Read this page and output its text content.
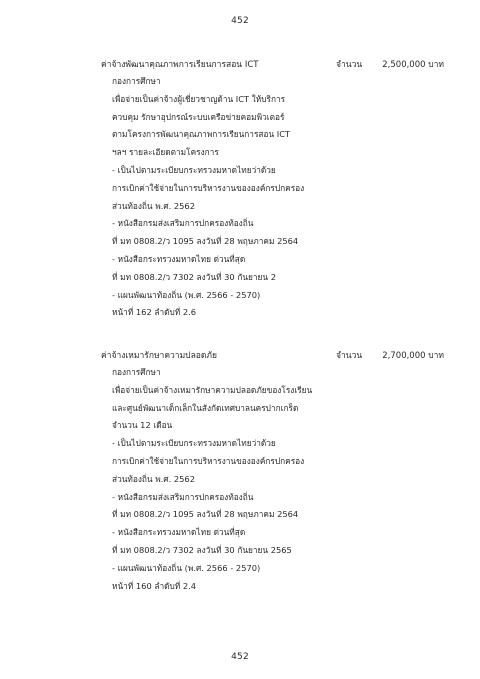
452
ค่าจ้างพัฒนาคุณภาพการเรียนการสอน ICT	จำนวน 2,500,000 บาท
กองการศึกษา
เพื่อจ่ายเป็นค่าจ้างผู้เชี่ยวชาญด้าน ICT ให้บริการ
ควบคุม รักษาอุปกรณ์ระบบเครือข่ายคอมพิวเตอร์
ตามโครงการพัฒนาคุณภาพการเรียนการสอน ICT
ฯลฯ รายละเอียดตามโครงการ
- เป็นไปตามระเบียบกระทรวงมหาดไทยว่าด้วย
การเบิกค่าใช้จ่ายในการบริหารงานขององค์กรปกครอง
ส่วนท้องถิ่น พ.ศ. 2562
- หนังสือกรมส่งเสริมการปกครองท้องถิ่น
ที่ มท 0808.2/ว 1095 ลงวันที่ 28 พฤษภาคม 2564
- หนังสือกระทรวงมหาดไทย ด่วนที่สุด
ที่ มท 0808.2/ว 7302 ลงวันที่ 30 กันยายน 2
- แผนพัฒนาท้องถิ่น (พ.ศ. 2566 - 2570)
หน้าที่ 162 ลำดับที่ 2.6
ค่าจ้างเหมารักษาความปลอดภัย	จำนวน 2,700,000 บาท
กองการศึกษา
เพื่อจ่ายเป็นค่าจ้างเหมารักษาความปลอดภัยของโรงเรียน
และศูนย์พัฒนาเด็กเล็กในสังกัดเทศบาลนครปากเกร็ด
จำนวน 12 เดือน
- เป็นไปตามระเบียบกระทรวงมหาดไทยว่าด้วย
การเบิกค่าใช้จ่ายในการบริหารงานขององค์กรปกครอง
ส่วนท้องถิ่น พ.ศ. 2562
- หนังสือกรมส่งเสริมการปกครองท้องถิ่น
ที่ มท 0808.2/ว 1095 ลงวันที่ 28 พฤษภาคม 2564
- หนังสือกระทรวงมหาดไทย ด่วนที่สุด
ที่ มท 0808.2/ว 7302 ลงวันที่ 30 กันยายน 2565
- แผนพัฒนาท้องถิ่น (พ.ศ. 2566 - 2570)
หน้าที่ 160 ลำดับที่ 2.4
452
